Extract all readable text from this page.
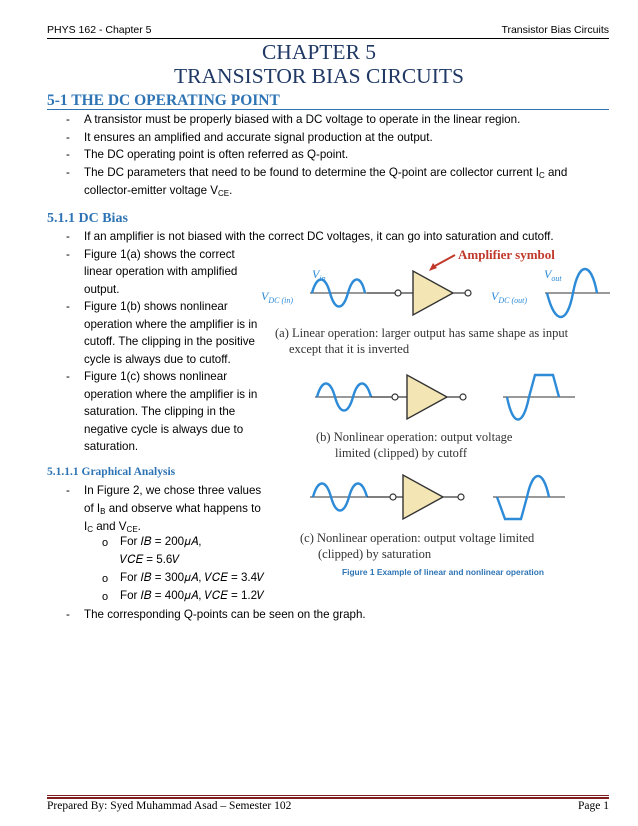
PHYS 162 - Chapter 5	Transistor Bias Circuits
CHAPTER 5
TRANSISTOR BIAS CIRCUITS
5-1 THE DC OPERATING POINT
- A transistor must be properly biased with a DC voltage to operate in the linear region.
- It ensures an amplified and accurate signal production at the output.
- The DC operating point is often referred as Q-point.
- The DC parameters that need to be found to determine the Q-point are collector current $I_C$ and
collector-emitter voltage $V_{CE}$.
5.1.1 DC Bias
- If an amplifier is not biased with the correct DC voltages, it can go into saturation and cutoff.
- Figure 1(a) shows the correct
linear operation with amplified
output.
- Figure 1(b) shows nonlinear
operation where the amplifier is in
cutoff. The clipping in the positive
cycle is always due to cutoff.
- Figure 1(c) shows nonlinear
operation where the amplifier is in
saturation. The clipping in the
negative cycle is always due to
saturation.
5.1.1.1 Graphical Analysis
- In Figure 2, we chose three values
of $I_B$ and observe what happens to
$I_C$ and $V_{CE}$.
o For 𝐼𝐵 = 200𝜇𝐴,
𝑉𝐶𝐸 = 5.6𝑉
o For 𝐼𝐵 = 300𝜇𝐴, 𝑉𝐶𝐸 = 3.4𝑉
o For 𝐼𝐵 = 400𝜇𝐴, 𝑉𝐶𝐸 = 1.2𝑉
- The corresponding Q-points can be seen on the graph.
Amplifier symbol
$V_{in}$
$V_{DC (in)}$	$V_{DC (out)}$
$V_{out}$
(a) Linear operation: larger output has same shape as input
except that it is inverted
(b) Nonlinear operation: output voltage
limited (clipped) by cutoff
(c) Nonlinear operation: output voltage limited
(clipped) by saturation
Figure 1 Example of linear and nonlinear operation
Prepared By: Syed Muhammad Asad – Semester 102	Page 1
